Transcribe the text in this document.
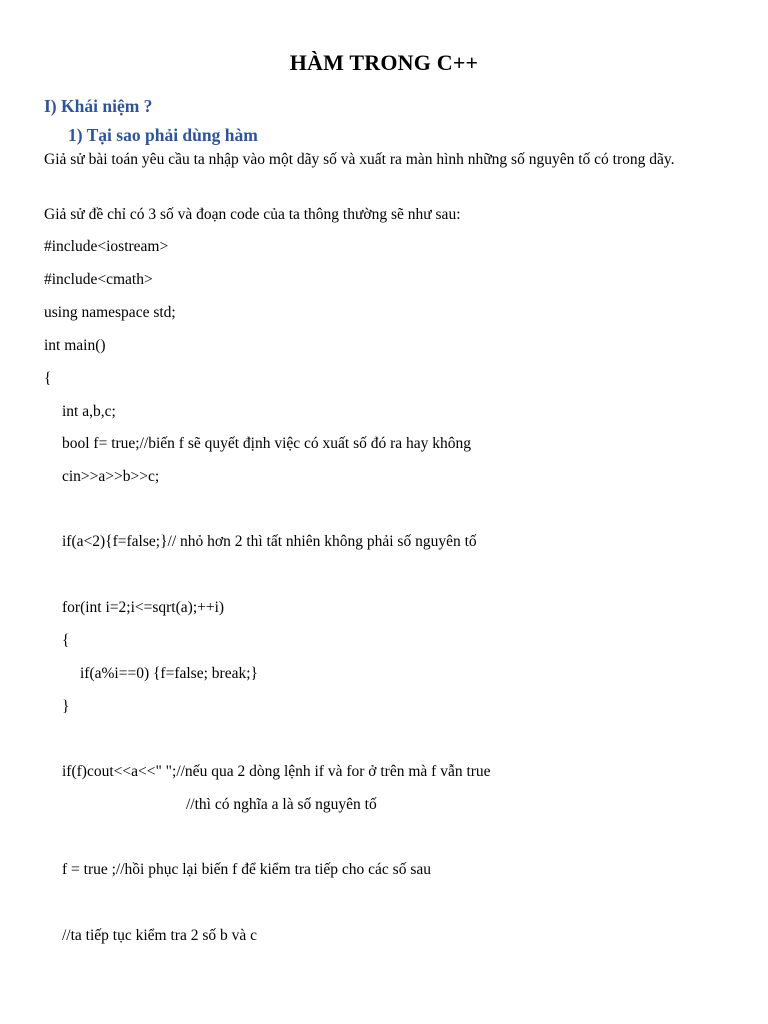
HÀM TRONG C++
I) Khái niệm ?
1) Tại sao phải dùng hàm
Giả sử bài toán yêu cầu ta nhập vào một dãy số và xuất ra màn hình những số nguyên tố có trong dãy.
Giả sử đề chỉ có 3 số và đoạn code của ta thông thường sẽ như sau:
#include<iostream>
#include<cmath>
using namespace std;
int main()
{
int a,b,c;
bool f= true;//biến f sẽ quyết định việc có xuất số đó ra hay không
cin>>a>>b>>c;
if(a<2){f=false;}// nhỏ hơn 2 thì tất nhiên không phải số nguyên tố
for(int i=2;i<=sqrt(a);++i)
{
if(a%i==0) {f=false; break;}
}
if(f)cout<<a<<" ";//nếu qua 2 dòng lệnh if và for ở trên mà f vẫn true
//thì có nghĩa a là số nguyên tố
f = true ;//hồi phục lại biến f để kiểm tra tiếp cho các số sau
//ta tiếp tục kiểm tra 2 số b và c
